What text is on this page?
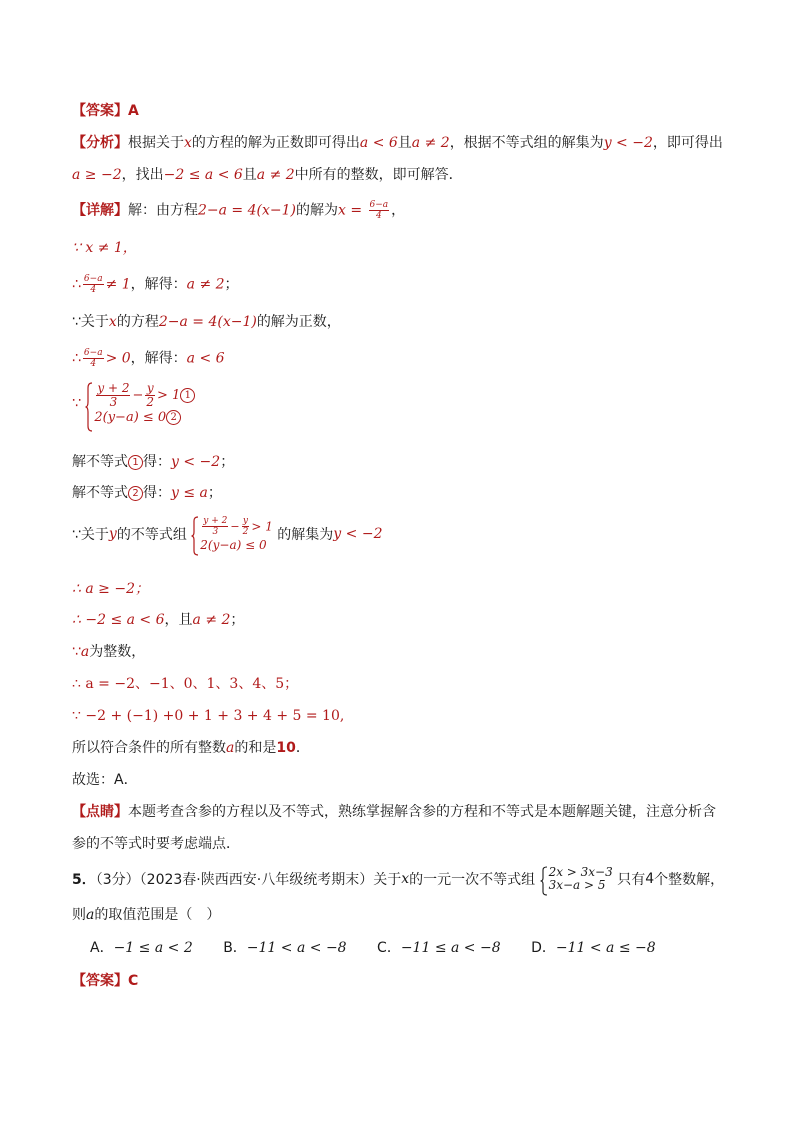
【答案】A
【分析】根据关于x的方程的解为正数即可得出a < 6且a ≠ 2，根据不等式组的解集为y < −2，即可得出
a ≥ −2，找出−2 ≤ a < 6且a ≠ 2中所有的整数，即可解答．
【详解】解：由方程2−a = 4(x−1)的解为$x = \frac{6-a}{4}$ ，
∵ x ≠ 1，
∴ $\frac{6-a}{4} \ne 1$，解得：a ≠ 2；
∵关于x的方程2−a = 4(x−1)的解为正数，
∴ $\frac{6-a}{4} > 0$，解得：a < 6
∵ $\frac{y + 2}{3} - \frac{y}{2} > 1$ 1
2(y−a) ≤ 0 2
解不等式 1 得：y < −2；
解不等式 2 得：y ≤ a；
∵关于y的不等式组 $\frac{y + 2}{3} - \frac{y}{2} > 1$
2(y−a) ≤ 0
的解集为y < −2
∴ a ≥ −2；
∴ −2 ≤ a < 6，且a ≠ 2；
∵a为整数，
∴ a = −2、−1、0、1、3、4、5；
∵ −2 + (−1) +0 + 1 + 3 + 4 + 5 = 10,
所以符合条件的所有整数a的和是10．
故选：A．
【点睛】本题考查含参的方程以及不等式，熟练掌握解含参的方程和不等式是本题解题关键，注意分析含
参的不等式时要考虑端点．
5．（3分）（2023春·陕西西安·八年级统考期末）关于x的一元一次不等式组 2x > 3x−3
3x−a > 5 只有4个整数解，
则a的取值范围是（　）
A．−1 ≤ a < 2 B．−11 < a < −8 C．−11 ≤ a < −8 D．−11 < a ≤ −8
【答案】C
